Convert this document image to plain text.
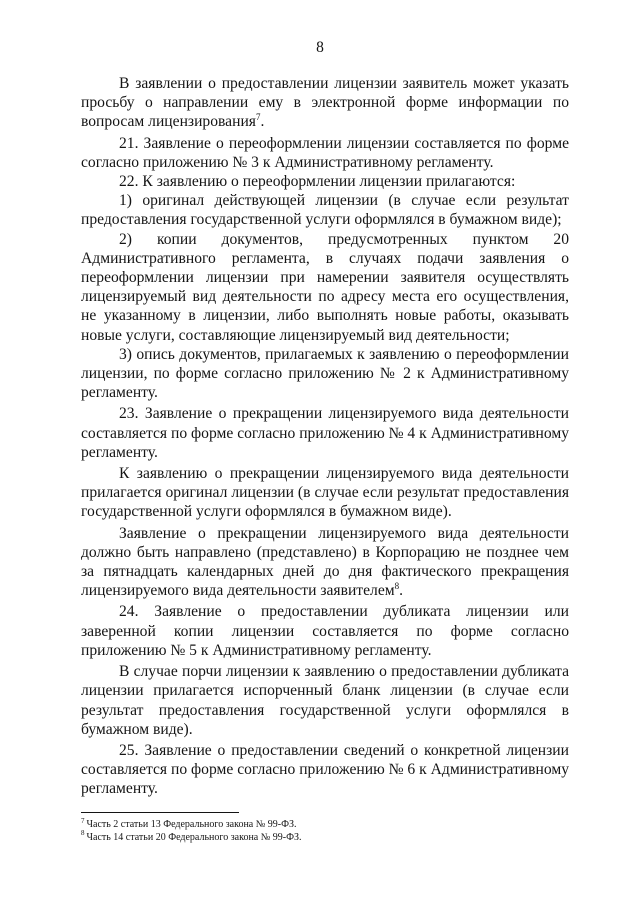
8

В заявлении о предоставлении лицензии заявитель может указать просьбу о направлении ему в электронной форме информации по вопросам лицензирования$^7$.

21. Заявление о переоформлении лицензии составляется по форме согласно приложению № 3 к Административному регламенту.

22. К заявлению о переоформлении лицензии прилагаются:

1) оригинал действующей лицензии (в случае если результат предоставления государственной услуги оформлялся в бумажном виде);

2) копии документов, предусмотренных пунктом 20 Административного регламента, в случаях подачи заявления о переоформлении лицензии при намерении заявителя осуществлять лицензируемый вид деятельности по адресу места его осуществления, не указанному в лицензии, либо выполнять новые работы, оказывать новые услуги, составляющие лицензируемый вид деятельности;

3) опись документов, прилагаемых к заявлению о переоформлении лицензии, по форме согласно приложению № 2 к Административному регламенту.

23. Заявление о прекращении лицензируемого вида деятельности составляется по форме согласно приложению № 4 к Административному регламенту.

К заявлению о прекращении лицензируемого вида деятельности прилагается оригинал лицензии (в случае если результат предоставления государственной услуги оформлялся в бумажном виде).

Заявление о прекращении лицензируемого вида деятельности должно быть направлено (представлено) в Корпорацию не позднее чем за пятнадцать календарных дней до дня фактического прекращения лицензируемого вида деятельности заявителем$^8$.

24. Заявление о предоставлении дубликата лицензии или заверенной копии лицензии составляется по форме согласно приложению № 5 к Административному регламенту.

В случае порчи лицензии к заявлению о предоставлении дубликата лицензии прилагается испорченный бланк лицензии (в случае если результат предоставления государственной услуги оформлялся в бумажном виде).

25. Заявление о предоставлении сведений о конкретной лицензии составляется по форме согласно приложению № 6 к Административному регламенту.

$^7$ Часть 2 статьи 13 Федерального закона № 99-ФЗ.
$^8$ Часть 14 статьи 20 Федерального закона № 99-ФЗ.
